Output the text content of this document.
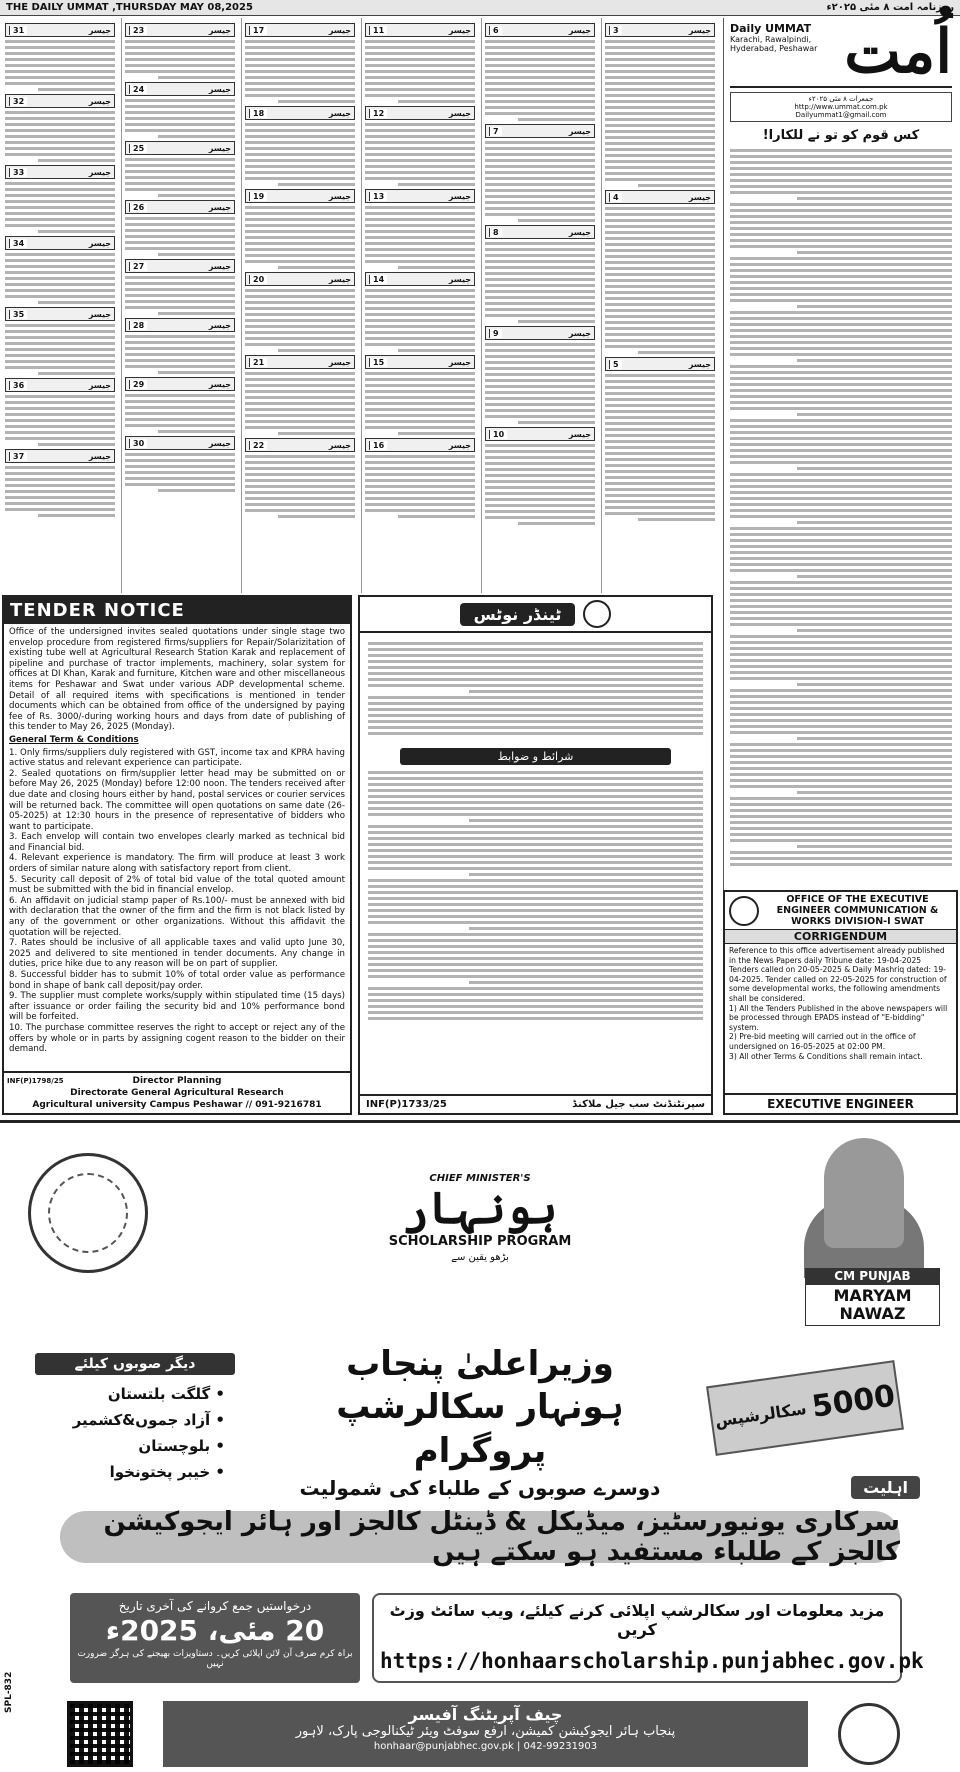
THE DAILY UMMAT ,THURSDAY MAY 08,2025	روزنامہ امت ۸ مئی ۲۰۲۵ء
جیسر
3
جیسر
4
جیسر
5
جیسر
6
جیسر
7
جیسر
8
جیسر
9
جیسر
10
جیسر
11
جیسر
12
جیسر
13
جیسر
14
جیسر
15
جیسر
16
جیسر
17
جیسر
18
جیسر
19
جیسر
20
جیسر
21
جیسر
22
جیسر
23
جیسر
24
جیسر
25
جیسر
26
جیسر
27
جیسر
28
جیسر
29
جیسر
30
جیسر
31
جیسر
32
جیسر
33
جیسر
34
جیسر
35
جیسر
36
جیسر
37
Daily UMMAT
Karachi, Rawalpindi, Hyderabad, Peshawar اُمت
جمعرات ۸ مئی ۲۰۲۵ء
http://www.ummat.com.pk
Dailyummat1@gmail.com
کس قوم کو تو نے للکارا!
TENDER NOTICE

Office of the undersigned invites sealed quotations under single stage two envelop procedure from registered firms/suppliers for Repair/Solarizitation of existing tube well at Agricultural Research Station Karak and replacement of pipeline and purchase of tractor implements, machinery, solar system for offices at DI Khan, Karak and furniture, Kitchen ware and other miscellaneous items for Peshawar and Swat under various ADP developmental scheme. Detail of all required items with specifications is mentioned in tender documents which can be obtained from office of the undersigned by paying fee of Rs. 3000/-during working hours and days from date of publishing of this tender to May 26, 2025 (Monday).

General Term & Conditions

1. Only firms/suppliers duly registered with GST, income tax and KPRA having active status and relevant experience can participate.

2. Sealed quotations on firm/supplier letter head may be submitted on or before May 26, 2025 (Monday) before 12:00 noon. The tenders received after due date and closing hours either by hand, postal services or courier services will be returned back. The committee will open quotations on same date (26-05-2025) at 12:30 hours in the presence of representative of bidders who want to participate.

3. Each envelop will contain two envelopes clearly marked as technical bid and Financial bid.

4. Relevant experience is mandatory. The firm will produce at least 3 work orders of similar nature along with satisfactory report from client.

5. Security call deposit of 2% of total bid value of the total quoted amount must be submitted with the bid in financial envelop.

6. An affidavit on judicial stamp paper of Rs.100/- must be annexed with bid with declaration that the owner of the firm and the firm is not black listed by any of the government or other organizations. Without this affidavit the quotation will be rejected.

7. Rates should be inclusive of all applicable taxes and valid upto June 30, 2025 and delivered to site mentioned in tender documents. Any change in duties, price hike due to any reason will be on part of supplier.

8. Successful bidder has to submit 10% of total order value as performance bond in shape of bank call deposit/pay order.

9. The supplier must complete works/supply within stipulated time (15 days) after issuance or order failing the security bid and 10% performance bond will be forfeited.

10. The purchase committee reserves the right to accept or reject any of the offers by whole or in parts by assigning cogent reason to the bidder on their demand.

INF(P)1798/25	Director Planning
Directorate General Agricultural Research
Agricultural university Campus Peshawar // 091-9216781
ٹینڈر نوٹس
شرائط و ضوابط
INF(P)1733/25	سپرنٹنڈنٹ سب جیل ملاکنڈ
OFFICE OF THE EXECUTIVE ENGINEER COMMUNICATION & WORKS DIVISION-I SWAT
CORRIGENDUM

Reference to this office advertisement already published in the News Papers daily Tribune date: 19-04-2025 Tenders called on 20-05-2025 & Daily Mashriq dated: 19-04-2025. Tender called on 22-05-2025 for construction of some developmental works, the following amendments shall be considered.

1) All the Tenders Published in the above newspapers will be processed through EPADS instead of "E-bidding" system.

2) Pre-bid meeting will carried out in the office of undersigned on 16-05-2025 at 02:00 PM.

3) All other Terms & Conditions shall remain intact.

EXECUTIVE ENGINEER
CHIEF MINISTER'S
ہونہار
SCHOLARSHIP PROGRAM
بڑھو یقین سے
CM PUNJAB
MARYAM NAWAZ
دیگر صوبوں کیلئے
• گلگت بلتستان
• آزاد جموں&کشمیر
• بلوچستان
• خیبر پختونخوا
وزیراعلیٰ پنجاب
ہونہار سکالرشپ پروگرام
دوسرے صوبوں کے طلباء کی شمولیت
5000
سکالرشپس
اہلیت
سرکاری یونیورسٹیز، میڈیکل & ڈینٹل کالجز اور ہائر ایجوکیشن کالجز کے طلباء مستفید ہو سکتے ہیں
درخواستیں جمع کروانے کی آخری تاریخ
20 مئی، 2025ء
براہ کرم صرف آن لائن اپلائی کریں۔ دستاویزات بھیجنے کی ہرگز ضرورت نہیں
مزید معلومات اور سکالرشپ اپلائی کرنے کیلئے، ویب سائٹ وزٹ کریں
https://honhaarscholarship.punjabhec.gov.pk
SPL-832
چیف آپریٹنگ آفیسر
پنجاب ہائر ایجوکیشن کمیشن، ارفع سوفٹ ویئر ٹیکنالوجی پارک، لاہور
honhaar@punjabhec.gov.pk | 042-99231903
